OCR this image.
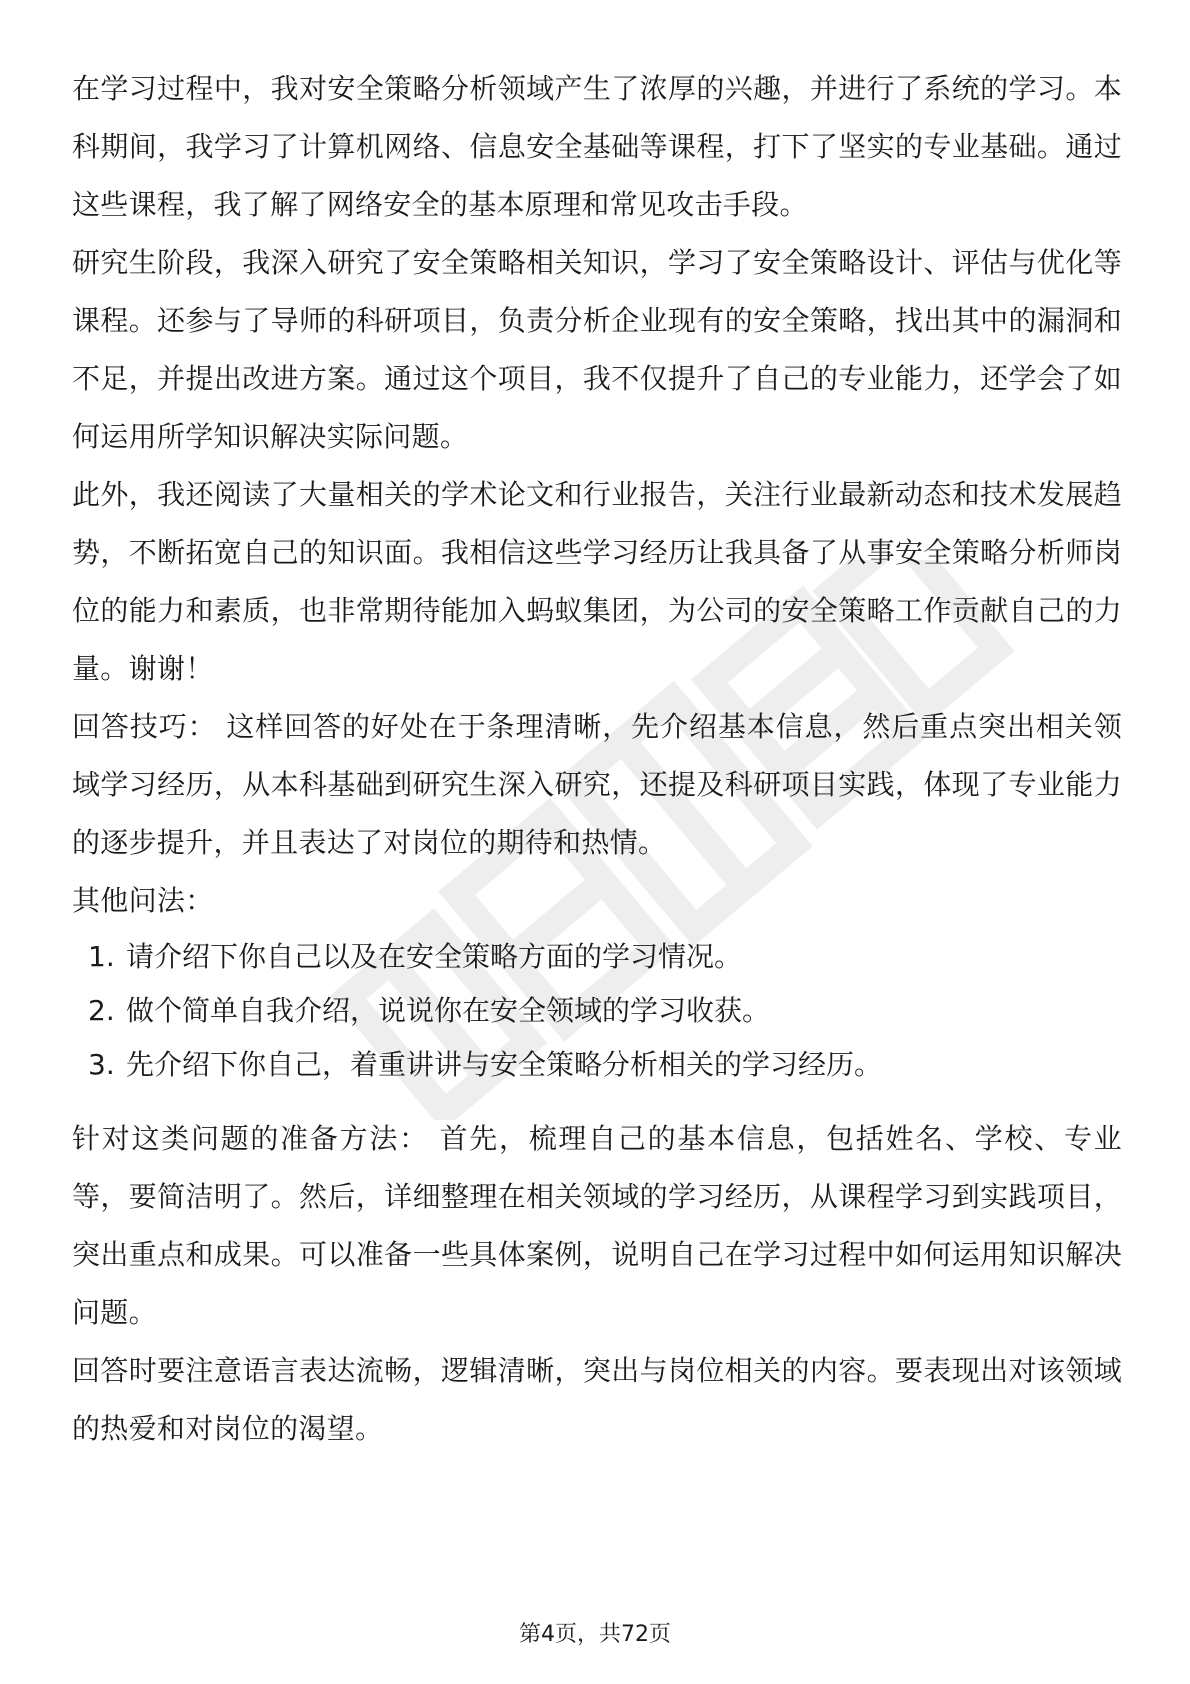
在学习过程中，我对安全策略分析领域产生了浓厚的兴趣，并进行了系统的学习。本科期间，我学习了计算机网络、信息安全基础等课程，打下了坚实的专业基础。通过这些课程，我了解了网络安全的基本原理和常见攻击手段。

研究生阶段，我深入研究了安全策略相关知识，学习了安全策略设计、评估与优化等课程。还参与了导师的科研项目，负责分析企业现有的安全策略，找出其中的漏洞和不足，并提出改进方案。通过这个项目，我不仅提升了自己的专业能力，还学会了如何运用所学知识解决实际问题。

此外，我还阅读了大量相关的学术论文和行业报告，关注行业最新动态和技术发展趋势，不断拓宽自己的知识面。我相信这些学习经历让我具备了从事安全策略分析师岗位的能力和素质，也非常期待能加入蚂蚁集团，为公司的安全策略工作贡献自己的力量。谢谢！

回答技巧： 这样回答的好处在于条理清晰，先介绍基本信息，然后重点突出相关领域学习经历，从本科基础到研究生深入研究，还提及科研项目实践，体现了专业能力的逐步提升，并且表达了对岗位的期待和热情。

其他问法：

1. 请介绍下你自己以及在安全策略方面的学习情况。
2. 做个简单自我介绍，说说你在安全领域的学习收获。
3. 先介绍下你自己，着重讲讲与安全策略分析相关的学习经历。

针对这类问题的准备方法： 首先，梳理自己的基本信息，包括姓名、学校、专业等，要简洁明了。然后，详细整理在相关领域的学习经历，从课程学习到实践项目，突出重点和成果。可以准备一些具体案例，说明自己在学习过程中如何运用知识解决问题。

回答时要注意语言表达流畅，逻辑清晰，突出与岗位相关的内容。要表现出对该领域的热爱和对岗位的渴望。

第4页，共72页
